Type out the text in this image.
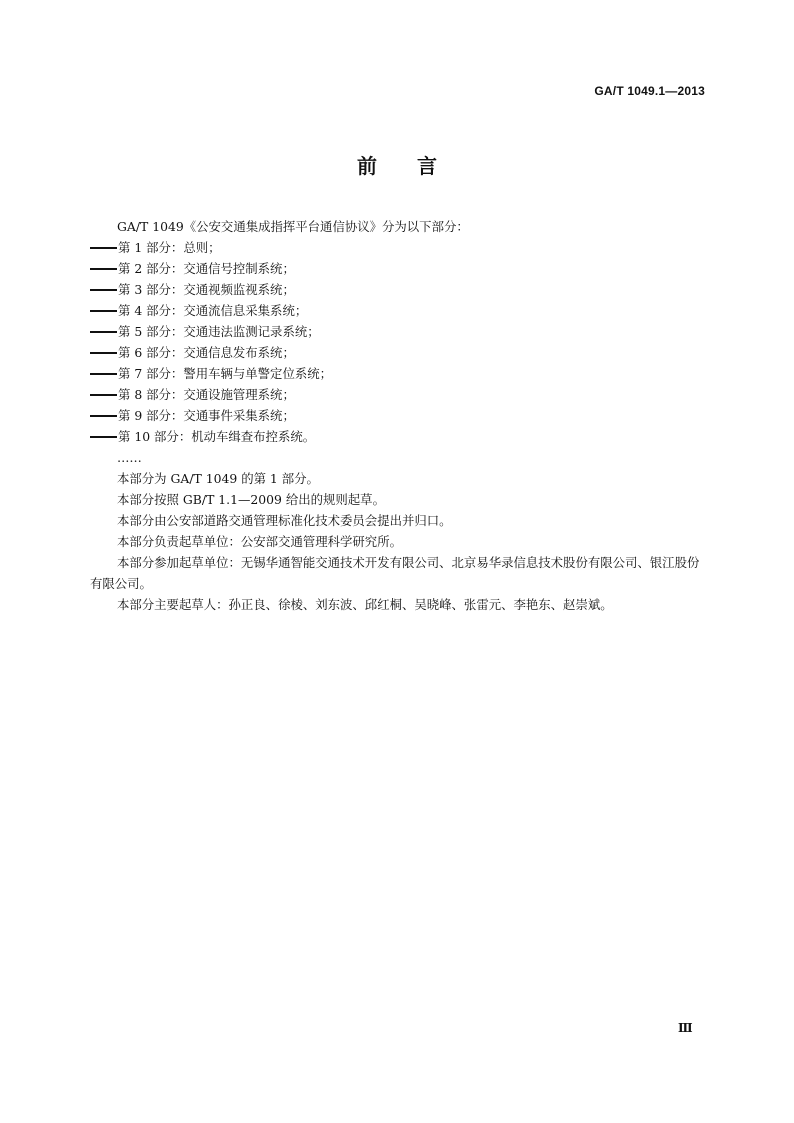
GA/T 1049.1—2013
前 言

GA/T 1049《公安交通集成指挥平台通信协议》分为以下部分：

第 1 部分：总则；

第 2 部分：交通信号控制系统；

第 3 部分：交通视频监视系统；

第 4 部分：交通流信息采集系统；

第 5 部分：交通违法监测记录系统；

第 6 部分：交通信息发布系统；

第 7 部分：警用车辆与单警定位系统；

第 8 部分：交通设施管理系统；

第 9 部分：交通事件采集系统；

第 10 部分：机动车缉查布控系统。

……

本部分为 GA/T 1049 的第 1 部分。

本部分按照 GB/T 1.1—2009 给出的规则起草。

本部分由公安部道路交通管理标准化技术委员会提出并归口。

本部分负责起草单位：公安部交通管理科学研究所。

本部分参加起草单位：无锡华通智能交通技术开发有限公司、北京易华录信息技术股份有限公司、银江股份有限公司。

本部分主要起草人：孙正良、徐棱、刘东波、邱红桐、吴晓峰、张雷元、李艳东、赵崇斌。

Ⅲ
